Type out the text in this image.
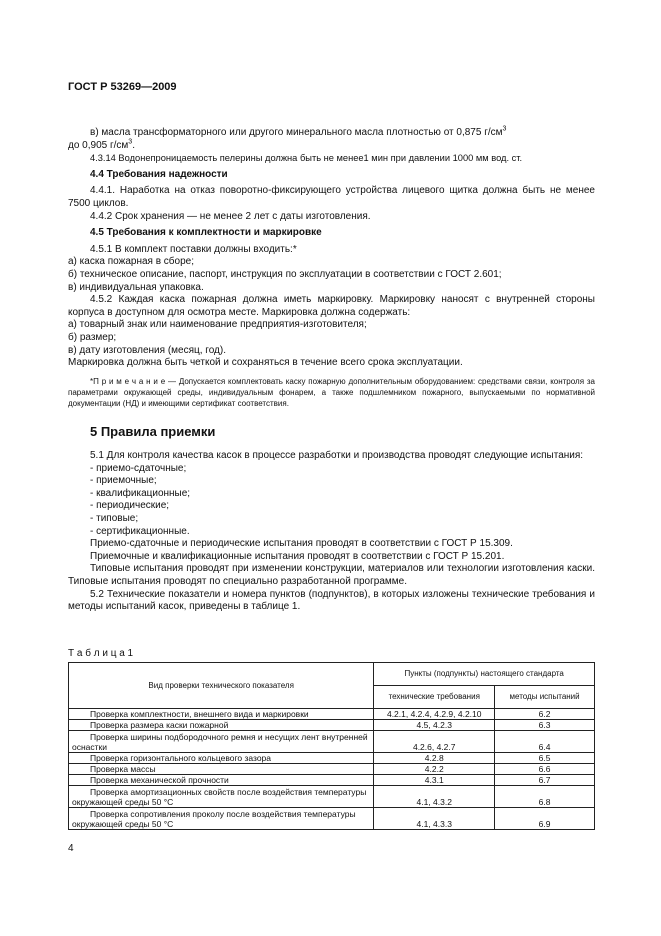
ГОСТ Р 53269—2009

в) масла трансформаторного или другого минерального масла плотностью от 0,875 $г/см^3$
до 0,905 $г/см^3$.

4.3.14 Водонепроницаемость пелерины должна быть не менее1 мин при давлении 1000 мм вод. ст.

4.4 Требования надежности

4.4.1. Наработка на отказ поворотно-фиксирующего устройства лицевого щитка должна быть не менее 7500 циклов.

4.4.2 Срок хранения — не менее 2 лет с даты изготовления.

4.5 Требования к комплектности и маркировке

4.5.1 В комплект поставки должны входить:*

а) каска пожарная в сборе;

б) техническое описание, паспорт, инструкция по эксплуатации в соответствии с ГОСТ 2.601;

в) индивидуальная упаковка.

4.5.2 Каждая каска пожарная должна иметь маркировку. Маркировку наносят с внутренней стороны корпуса в доступном для осмотра месте. Маркировка должна содержать:

а) товарный знак или наименование предприятия-изготовителя;

б) размер;

в) дату изготовления (месяц, год).

Маркировка должна быть четкой и сохраняться в течение всего срока эксплуатации.

*П р и м е ч а н и е — Допускается комплектовать каску пожарную дополнительным оборудованием: средствами связи, контроля за параметрами окружающей среды, индивидуальным фонарем, а также подшлемником пожарного, выпускаемыми по нормативной документации (НД) и имеющими сертификат соответствия.

5 Правила приемки

5.1 Для контроля качества касок в процессе разработки и производства проводят следующие испытания:

- приемо-сдаточные;

- приемочные;

- квалификационные;

- периодические;

- типовые;

- сертификационные.

Приемо-сдаточные и периодические испытания проводят в соответствии с ГОСТ Р 15.309.

Приемочные и квалификационные испытания проводят в соответствии с ГОСТ Р 15.201.

Типовые испытания проводят при изменении конструкции, материалов или технологии изготовления каски. Типовые испытания проводят по специально разработанной программе.

5.2 Технические показатели и номера пунктов (подпунктов), в которых изложены технические требования и методы испытаний касок, приведены в таблице 1.

Т а б л и ц а 1
Вид проверки технического показателя	Пункты (подпункты) настоящего стандарта	
	технические требования	методы испытаний
Проверка комплектности, внешнего вида и маркировки	4.2.1, 4.2.4, 4.2.9, 4.2.10	6.2
Проверка размера каски пожарной	4.5, 4.2.3	6.3
Проверка ширины подбородочного ремня и несущих лент внутренней оснастки	4.2.6, 4.2.7	6.4
Проверка горизонтального кольцевого зазора	4.2.8	6.5
Проверка массы	4.2.2	6.6
Проверка механической прочности	4.3.1	6.7
Проверка амортизационных свойств после воздействия температуры окружающей среды 50 °С	4.1, 4.3.2	6.8
Проверка сопротивления проколу после воздействия температуры окружающей среды 50 °С	4.1, 4.3.3	6.9
4
